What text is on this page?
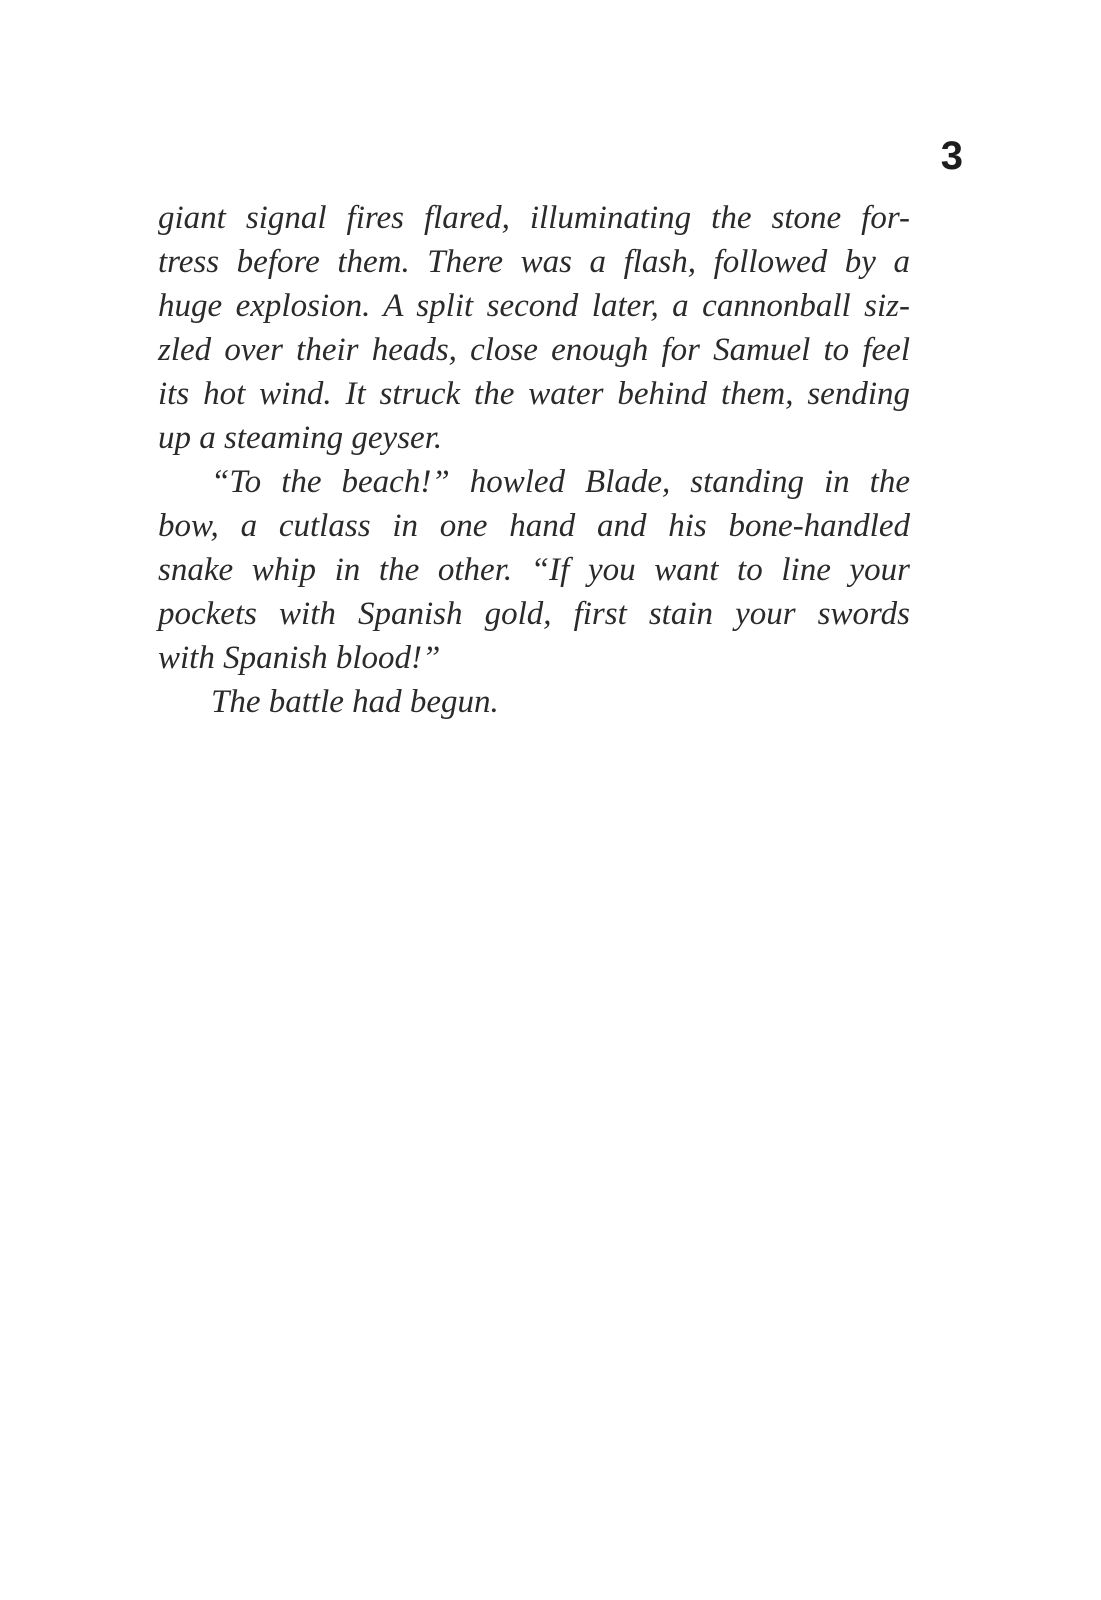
3
giant signal fires flared, illuminating the stone for-
tress before them. There was a flash, followed by a
huge explosion. A split second later, a cannonball siz-
zled over their heads, close enough for Samuel to feel
its hot wind. It struck the water behind them, sending
up a steaming geyser.
“To the beach!” howled Blade, standing in the
bow, a cutlass in one hand and his bone-handled
snake whip in the other. “If you want to line your
pockets with Spanish gold, first stain your swords
with Spanish blood!”
The battle had begun.
